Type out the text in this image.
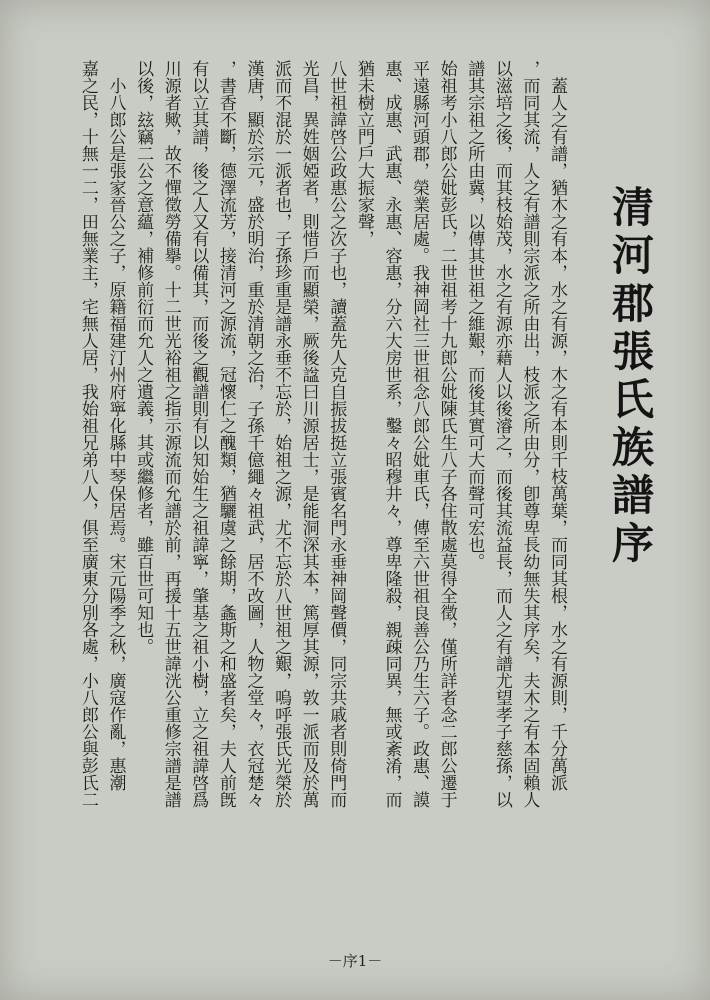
清河郡張氏族譜序
　蓋人之有譜，猶木之有本，水之有源，木之有本則千枝萬葉，而同其根，水之有源則，千分萬派
，而同其流，人之有譜則宗派之所由出，枝派之所由分，卽尊卑長幼無失其序矣，夫木之有本固賴人
以滋培之後，而其枝始茂，水之有源亦藉人以後濬之，而後其流益長，而人之有譜尤望孝子慈孫，以
譜其宗祖之所由冀，以傳其世祖之維艱，而後其實可大而聲可宏也。
始祖考小八郎公妣彭氏，二世祖考十九郎公妣陳氏生八子各住散處莫得全徵，僅所詳者念二郎公遷于
平遠縣河頭郡，榮業居處。我神岡社三世祖念八郎公妣車氏，傳至六世祖良善公乃生六子。政惠、謨
惠、成惠、武惠、永惠、容惠，分六大房世系，鑿々昭穆井々，尊卑隆殺，親疎同異，無或紊淆，而
猶未樹立門戶大振家聲，
八世祖諱啓公政惠公之次子也，讀蓋先人克自振拔挺立張賓名門永垂神岡聲價，同宗共戚者則倚門而
光昌，異姓姻婭者，則惜戶而顯榮，厥後諡曰川源居士，是能洞深其本，篤厚其源，敦一派而及於萬
派而不混於一派者也，子孫珍重是譜永垂不忘於，始祖之源，尤不忘於八世祖之艱，嗚呼張氏光榮於
漢唐，顯於宗元，盛於明治，重於清朝之治，子孫千億繩々祖武，居不改圖，人物之堂々，衣冠楚々
，書香不斷，德澤流芳，接清河之源流，冠懷仁之醜類，猶驪虞之餘期，螽斯之和盛者矣，夫人前旣
有以立其譜，後之人又有以備其，而後之觀譜則有以知始生之祖諱寧，肇基之祖小樹，立之祖諱啓爲
川源者歟，故不憚徵勞備擧。十二世光裕祖之指示源流而允譜於前，再援十五世諱洸公重修宗譜是譜
以後，玆竊二公之意蘊，補修前衍而允人之遺義，其或繼修者，雖百世可知也。
　小八郎公是張家晉公之子，原籍福建汀州府寧化縣中琴保居焉。宋元陽季之秋，廣寇作亂，惠潮
嘉之民，十無一二，田無業主，宅無人居，我始祖兄弟八人，俱至廣東分別各處，小八郎公與彭氏二
－序1－
